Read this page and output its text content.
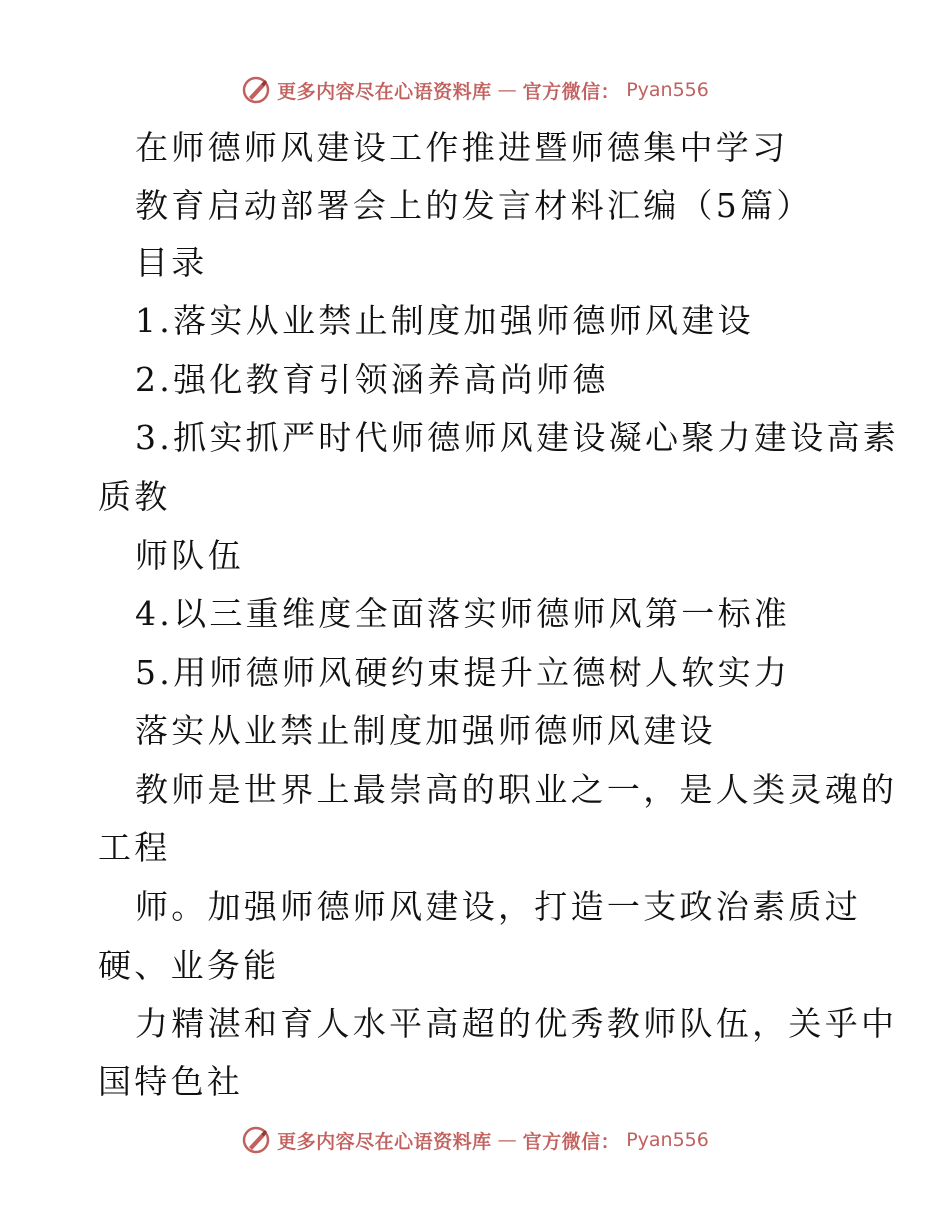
更多内容尽在心语资料库 — 官方微信： Pyan556
在师德师风建设工作推进暨师德集中学习
教育启动部署会上的发言材料汇编（5篇）
目录
1.落实从业禁止制度加强师德师风建设
2.强化教育引领涵养高尚师德
3.抓实抓严时代师德师风建设凝心聚力建设高素
质教
师队伍
4.以三重维度全面落实师德师风第一标准
5.用师德师风硬约束提升立德树人软实力
落实从业禁止制度加强师德师风建设
教师是世界上最崇高的职业之一，是人类灵魂的
工程
师。加强师德师风建设，打造一支政治素质过
硬、业务能
力精湛和育人水平高超的优秀教师队伍，关乎中
国特色社
更多内容尽在心语资料库 — 官方微信： Pyan556
